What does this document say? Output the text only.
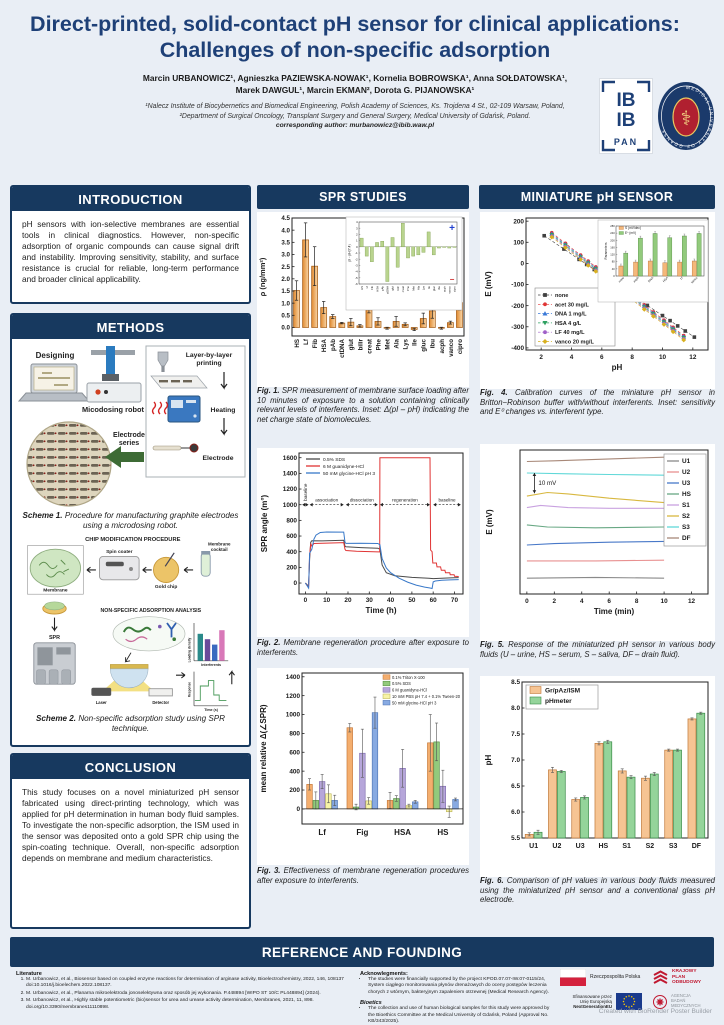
Direct-printed, solid-contact pH sensor for clinical applications:
Challenges of non-specific adsorption
Marcin URBANOWICZ¹, Agnieszka PAZIEWSKA-NOWAK¹, Kornelia BOBROWSKA¹, Anna SOŁDATOWSKA¹,
Marek DAWGUL¹, Marcin EKMAN², Dorota G. PIJANOWSKA¹
¹Nalecz Institute of Biocybernetics and Biomedical Engineering, Polish Academy of Sciences, Ks. Trojdena 4 St., 02-109 Warsaw, Poland,
²Department of Surgical Oncology, Transplant Surgery and General Surgery, Medical University of Gdańsk, Poland.
corresponding author: murbanowicz@ibib.waw.pl
IB
IB
PAN
MEDICAL UNIVERSITY OF GDANSK
⚕
INTRODUCTION
pH sensors with ion-selective membranes are essential tools in clinical diagnostics. However, non-specific adsorption of organic compounds can cause signal drift and instability. Improving sensitivity, stability, and surface resistance is crucial for reliable, long-term performance and broader clinical applicability.
METHODS
Designing
Micodosing robot
Layer-by-layer
printing
Heating
Electrode
Electrode
series
Scheme 1. Procedure for manufacturing graphite electrodes using a microdosing robot.
CHIP MODIFICATION PROCEDURE
Membrane
Spin coater
Gold chip
Membrane
cocktail
SPR
NON-SPECIFIC ADSORPTION ANALYSIS
Laser	Detector
Loading density
Interferents
Response
Time (s)
Scheme 2. Non-specific adsorption study using SPR technique.
CONCLUSION
This study focuses on a novel miniaturized pH sensor fabricated using direct-printing technology, which was applied for pH determination in human body fluid samples. To investigate the non-specific adsorption, the ISM used in the sensor was deposited onto a gold SPR chip using the spin-coating technique. Overall, non-specific adsorption depends on membrane and medium characteristics.
SPR STUDIES
HS Lf Fib HSA pAb ctDNA glut bilir creat Phe Met Ala Lys Ile gluc ibu acph vanco cipro
0.0
0.5
1.0
1.5
2.0
2.5
3.0
3.5
4.0
4.5
ρ (ng/mm²)	-6
-5
-4
-3
-2
-1
0
1
2
3
4
HS Lf Fib HSA pAb ctDNA glut bilir creat Phe Met Ala Lys Ile gluc ibu acph vanco cipro
pI - pH(7.4)
+
−
Fig. 1. SPR measurement of membrane surface loading after 10 minutes of exposure to a solution containing clinically relevant levels of interferents. Inset: Δ(pI – pH) indicating the net charge state of biomolecules.
0
200
400
600
800
1000
1200
1400
1600
0 10 20 30 40 50 60 70
Time (h)
SPR angle (m°)
0.5% SDS
6 M guanidyne-HCl
50 mM glycine-HCl pH 3
baseline association	dissociation	regeneration	baseline
Fig. 2. Membrane regeneration procedure after exposure to interferents.
0
200
400
600
800
1000
1200
1400
mean relative Δ(∠SPR)
Lf	Fig	HSA	HS
0.1% Triton X-100
0.5% SDS
6 M guanidyne-HCl
10 mM PBS pH 7.4 + 0.1% Tween-20
50 mM glycine-HCl pH 3
Fig. 3. Effectiveness of membrane regeneration procedures after exposure to interferents.
MINIATURE pH SENSOR
-400
-300
-200
-100
0
100
200
2	4	6	8	10	12
pH
E (mV)	none
acet 30 mg/L
DNA 1 mg/L
HSA 4 g/L
LF 40 mg/L
vanco 20 mg/L
0
40
80
120
160
200
240
280
none acph DNA HSA	Lf vanco
Parameters
S (mV/dec)
E⁰ (mV)
Fig. 4. Calibration curves of the miniature pH sensor in Britton−Robinson buffer with/without interferents. Inset: sensitivity and E⁰ changes vs. interferent type.
0	2	4	6	8	10	12
Time (min)
E (mV)
10 mV
U1
U2
U3
HS
S1
S2
S3
DF
Fig. 5. Response of the miniaturized pH sensor in various body fluids (U – urine, HS – serum, S – saliva, DF – drain fluid).
5.5
6.0
6.5
7.0
7.5
8.0
8.5
pH
U1 U2 U3 HS S1 S2 S3 DF
Gr/pAz/ISM
pHmeter
Fig. 6. Comparison of pH values in various body fluids measured using the miniaturized pH sensor and a conventional glass pH electrode.
REFERENCE AND FOUNDING
Literature
1. M. Urbanowicz, et al., Biosensor based on coupled enzyme reactions for determination of arginase activity, Bioelectrochemistry, 2022, 146, 108137 doi:10.1016/j.bioelechem.2022.108137.
2. M. Urbanowicz, et al., Planarna mikroelektroda jonoselektywna oraz sposób jej wykonania. P.448894 [WIPO ST 10/C PL448894] (2024).
3. M. Urbanowicz, et al., Highly stable potentiometric (bio)sensor for urea and urease activity determination, Membranes, 2021, 11, 898. doi.org/10.3390/membranes11110898.
Acknowlegments:
• The studies were financially supported by the project KPOD.07.07-IW.07-0115/24, System ciągłego monitorowania płynów drenażowych do oceny postępów leczenia chorych z wtórnym, bakteryjnym zapaleniem otrzewnej (Medical Research Agency).
Bioetics
• The collection and use of human biological samples for this study were approved by the Bioethics Committee at the Medical University of Gdańsk, Poland (Approval No. KB/343/2025).
Rzeczpospolita Polska
KRAJOWY
PLAN
ODBUDOWY
Sfinansowane przez
Unię Europejską
NextGenerationEU
AGENCJA
BADAŃ
MEDYCZNYCH
Created with BioRender Poster Builder
